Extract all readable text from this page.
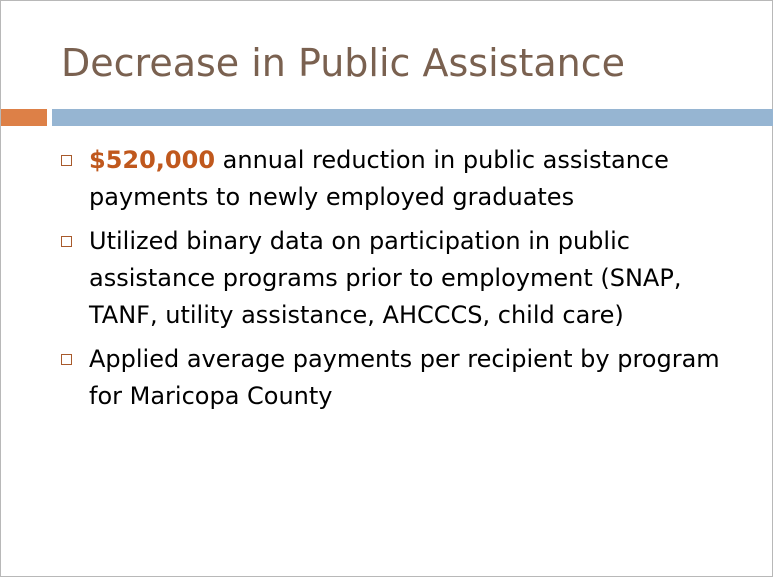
Decrease in Public Assistance
$520,000 annual reduction in public assistance payments to newly employed graduates
Utilized binary data on participation in public assistance programs prior to employment (SNAP, TANF, utility assistance, AHCCCS, child care)
Applied average payments per recipient by program for Maricopa County
